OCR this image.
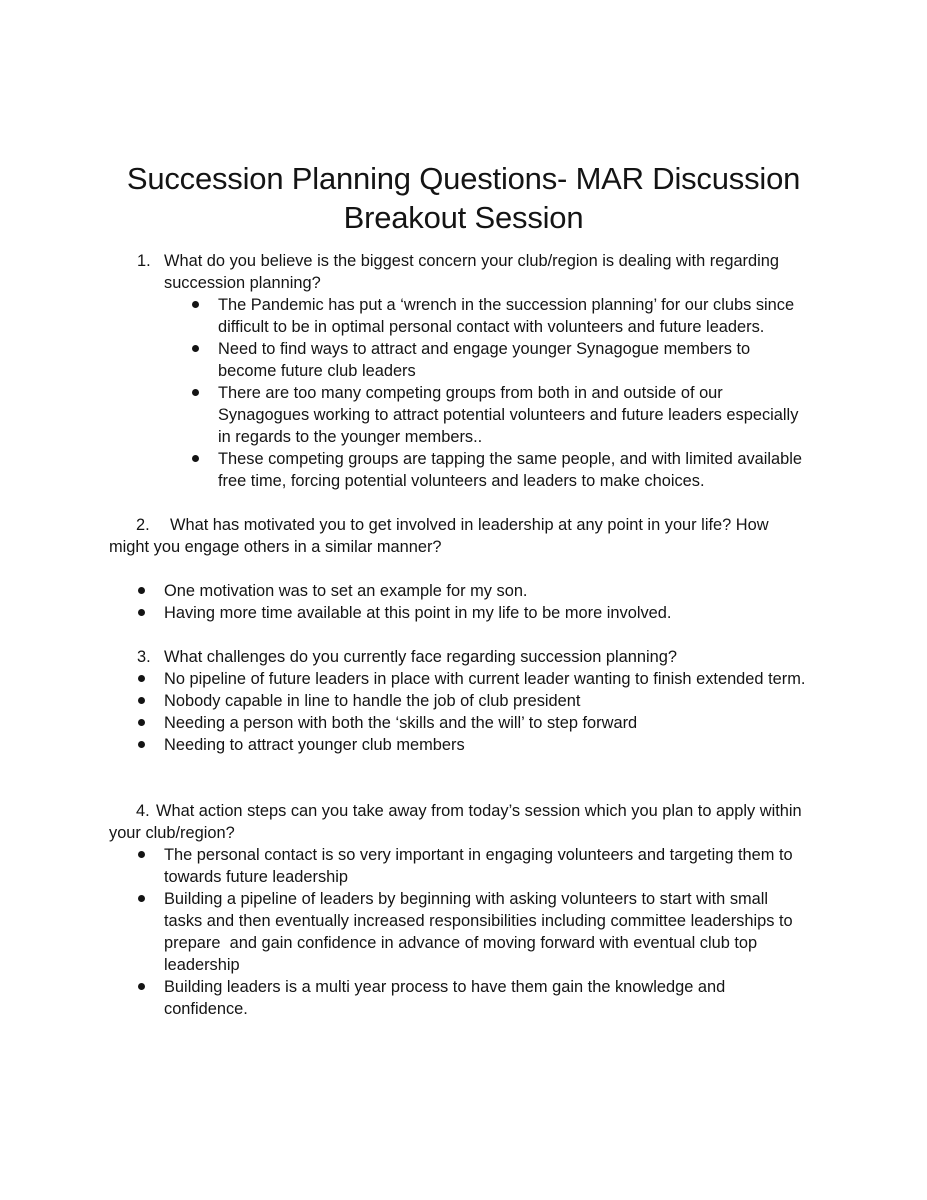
Succession Planning Questions- MAR Discussion
Breakout Session
1. What do you believe is the biggest concern your club/region is dealing with regarding
succession planning?
The Pandemic has put a ‘wrench in the succession planning’ for our clubs since
difficult to be in optimal personal contact with volunteers and future leaders.
Need to find ways to attract and engage younger Synagogue members to
become future club leaders
There are too many competing groups from both in and outside of our
Synagogues working to attract potential volunteers and future leaders especially
in regards to the younger members..
These competing groups are tapping the same people, and with limited available
free time, forcing potential volunteers and leaders to make choices.
2. What has motivated you to get involved in leadership at any point in your life? How
might you engage others in a similar manner?
One motivation was to set an example for my son.
Having more time available at this point in my life to be more involved.
3. What challenges do you currently face regarding succession planning?
No pipeline of future leaders in place with current leader wanting to finish extended term.
Nobody capable in line to handle the job of club president
Needing a person with both the ‘skills and the will’ to step forward
Needing to attract younger club members
4. What action steps can you take away from today’s session which you plan to apply within
your club/region?
The personal contact is so very important in engaging volunteers and targeting them to
towards future leadership
Building a pipeline of leaders by beginning with asking volunteers to start with small
tasks and then eventually increased responsibilities including committee leaderships to
prepare  and gain confidence in advance of moving forward with eventual club top
leadership
Building leaders is a multi year process to have them gain the knowledge and
confidence.
